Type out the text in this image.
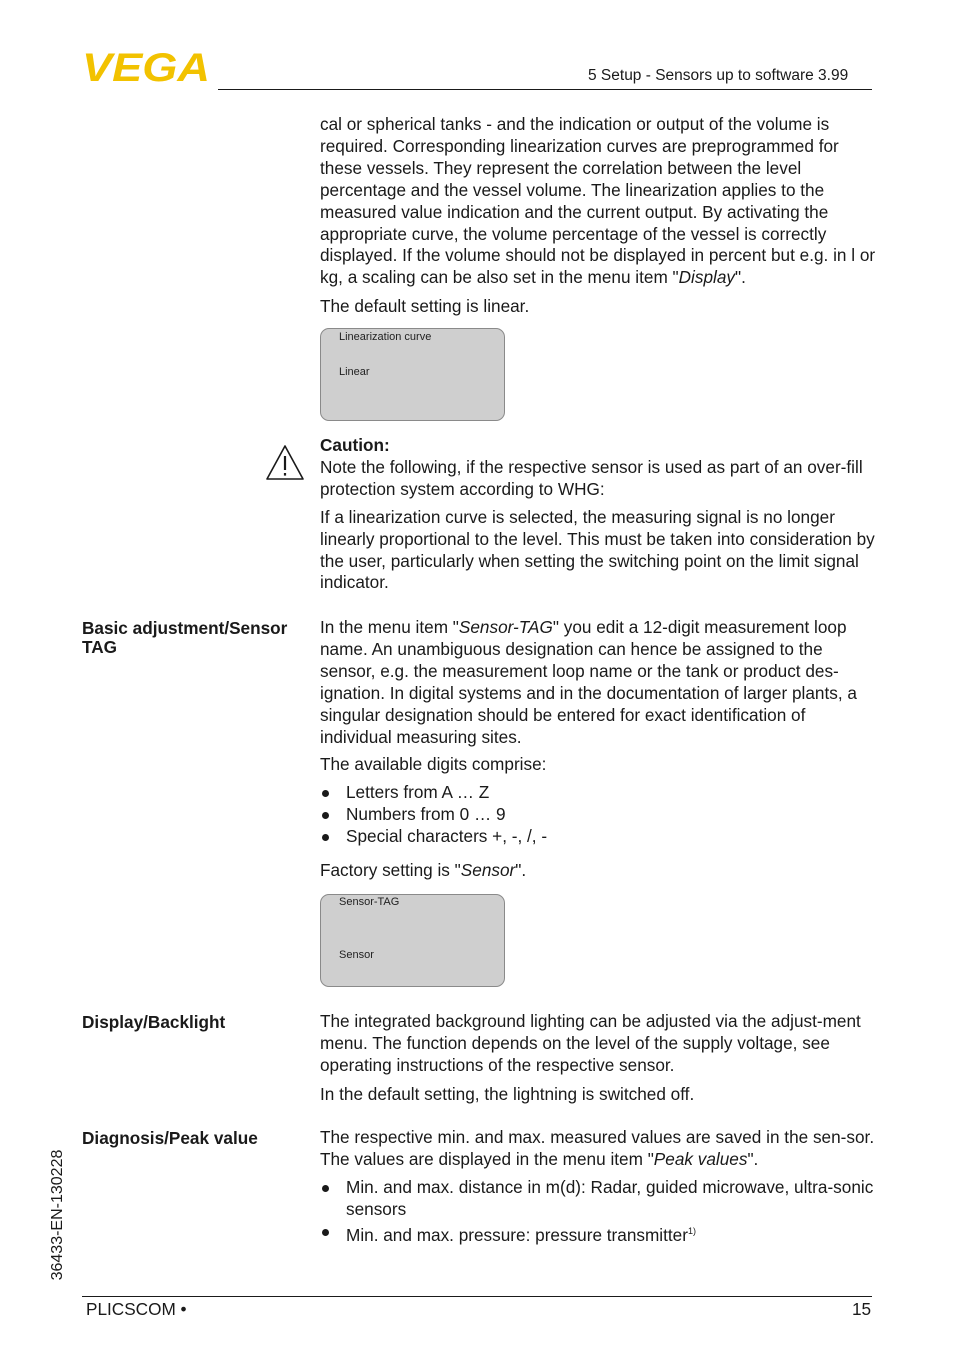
VEGA	5 Setup - Sensors up to software 3.99

cal or spherical tanks - and the indication or output of the volume is required. Corresponding linearization curves are preprogrammed for these vessels. They represent the correlation between the level percentage and the vessel volume. The linearization applies to the measured value indication and the current output. By activating the appropriate curve, the volume percentage of the vessel is correctly displayed. If the volume should not be displayed in percent but e.g. in l or kg, a scaling can be also set in the menu item "Display".

The default setting is linear.

Linearization curve
Linear
Caution:

Note the following, if the respective sensor is used as part of an over-fill protection system according to WHG:

If a linearization curve is selected, the measuring signal is no longer linearly proportional to the level. This must be taken into consideration by the user, particularly when setting the switching point on the limit signal indicator.

Basic adjustment/Sensor TAG

In the menu item "Sensor-TAG" you edit a 12-digit measurement loop name. An unambiguous designation can hence be assigned to the sensor, e.g. the measurement loop name or the tank or product des-ignation. In digital systems and in the documentation of larger plants, a singular designation should be entered for exact identification of individual measuring sites.

The available digits comprise:

Letters from A … Z
Numbers from 0 … 9
Special characters +, -, /, -

Factory setting is "Sensor".

Sensor-TAG
Sensor
Display/Backlight	The integrated background lighting can be adjusted via the adjust-ment menu. The function depends on the level of the supply voltage, see operating instructions of the respective sensor.

In the default setting, the lightning is switched off.

Diagnosis/Peak value	The respective min. and max. measured values are saved in the sen-sor. The values are displayed in the menu item "Peak values".

Min. and max. distance in m(d): Radar, guided microwave, ultra-sonic sensors
Min. and max. pressure: pressure transmitter$^{1)}$
36433-EN-130228
PLICSCOM •	15
